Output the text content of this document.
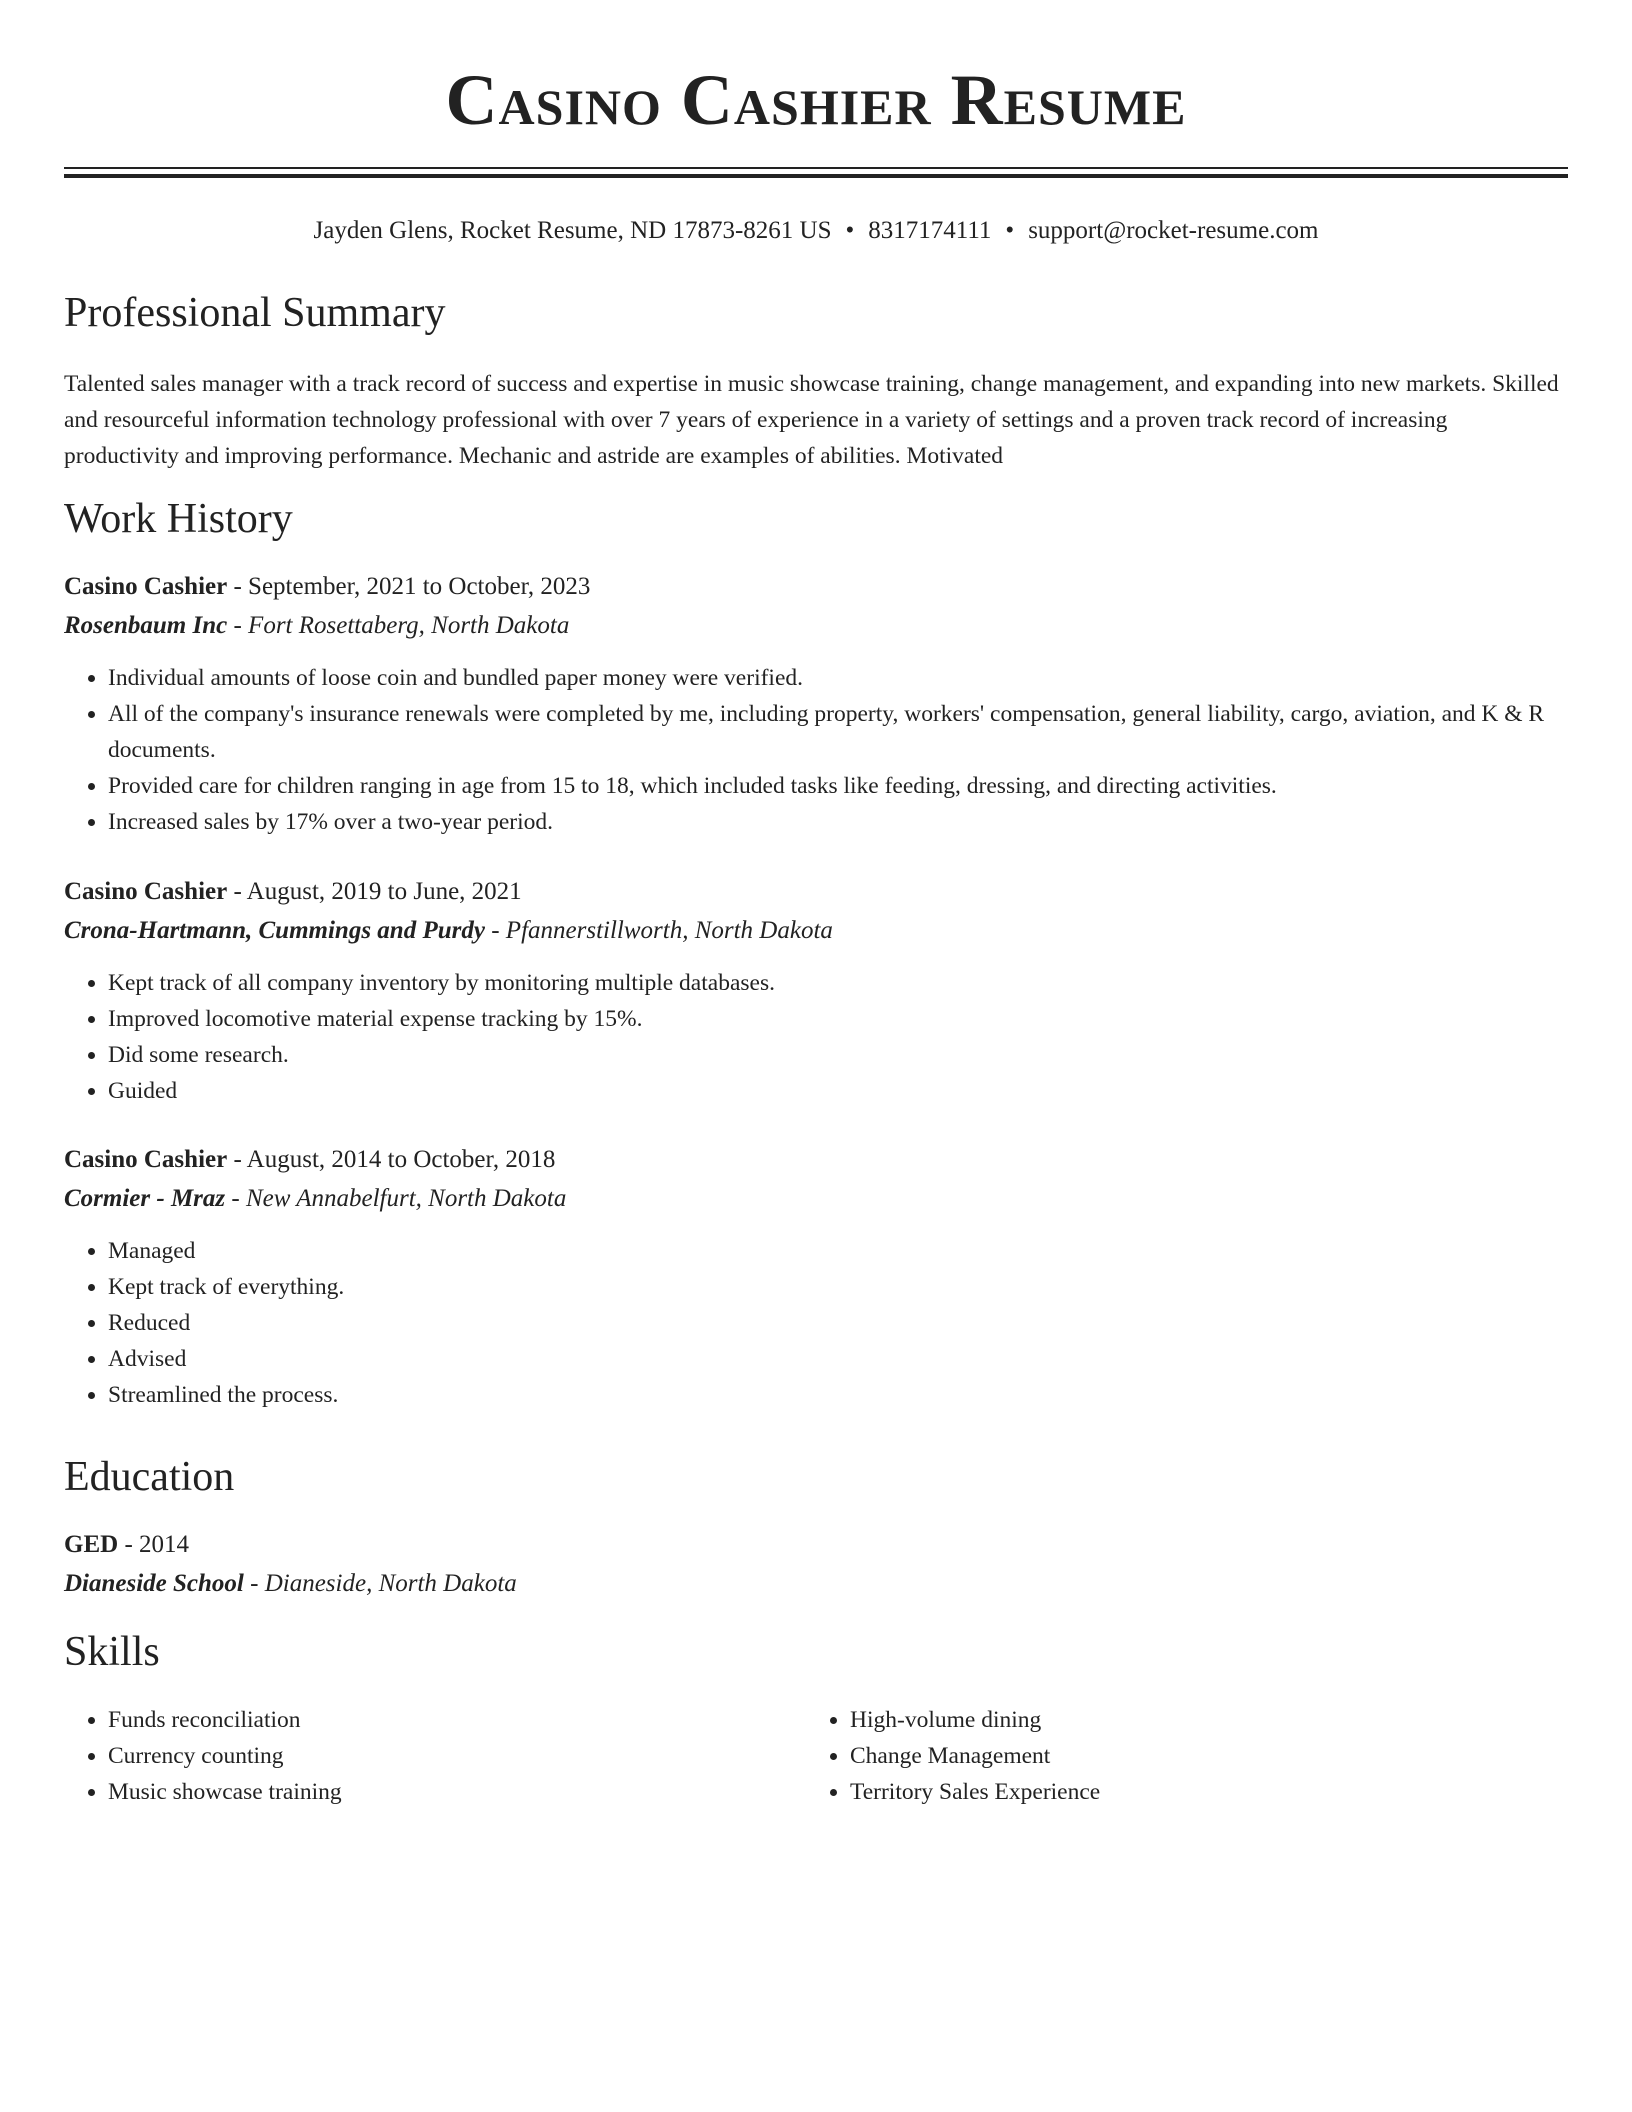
Casino Cashier Resume
Jayden Glens, Rocket Resume, ND 17873-8261 US • 8317174111 • support@rocket-resume.com
Professional Summary

Talented sales manager with a track record of success and expertise in music showcase training, change management, and expanding into new markets. Skilled and resourceful information technology professional with over 7 years of experience in a variety of settings and a proven track record of increasing productivity and improving performance. Mechanic and astride are examples of abilities. Motivated

Work History
Casino Cashier - September, 2021 to October, 2023
Rosenbaum Inc - Fort Rosettaberg, North Dakota
• Individual amounts of loose coin and bundled paper money were verified.
• All of the company's insurance renewals were completed by me, including property, workers' compensation, general liability, cargo, aviation, and K & R documents.
• Provided care for children ranging in age from 15 to 18, which included tasks like feeding, dressing, and directing activities.
• Increased sales by 17% over a two-year period.
Casino Cashier - August, 2019 to June, 2021
Crona-Hartmann, Cummings and Purdy - Pfannerstillworth, North Dakota
• Kept track of all company inventory by monitoring multiple databases.
• Improved locomotive material expense tracking by 15%.
• Did some research.
• Guided
Casino Cashier - August, 2014 to October, 2018
Cormier - Mraz - New Annabelfurt, North Dakota
• Managed
• Kept track of everything.
• Reduced
• Advised
• Streamlined the process.
Education
GED - 2014
Dianeside School - Dianeside, North Dakota
Skills
• Funds reconciliation
• Currency counting
• Music showcase training
• High-volume dining
• Change Management
• Territory Sales Experience
